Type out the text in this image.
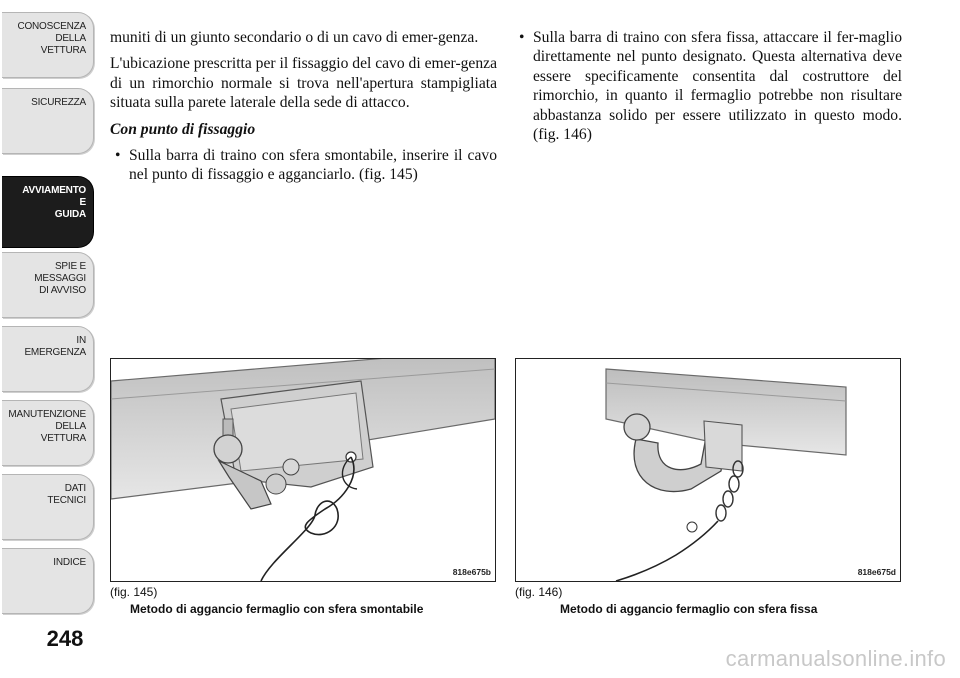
CONOSCENZA
DELLA
VETTURA
SICUREZZA
AVVIAMENTO
E
GUIDA
SPIE E
MESSAGGI
DI AVVISO
IN
EMERGENZA
MANUTENZIONE
DELLA
VETTURA
DATI
TECNICI
INDICE
248

muniti di un giunto secondario o di un cavo di emer-genza.

L'ubicazione prescritta per il fissaggio del cavo di emer-genza di un rimorchio normale si trova nell'apertura stampigliata situata sulla parete laterale della sede di attacco.

Con punto di fissaggio

• Sulla barra di traino con sfera smontabile, inserire il cavo nel punto di fissaggio e agganciarlo. (fig. 145)

• Sulla barra di traino con sfera fissa, attaccare il fer-maglio direttamente nel punto designato. Questa alternativa deve essere specificamente consentita dal costruttore del rimorchio, in quanto il fermaglio potrebbe non risultare abbastanza solido per essere utilizzato in questo modo. (fig. 146)

818e675b
(fig. 145)
Metodo di aggancio fermaglio con sfera smontabile
818e675d
(fig. 146)
Metodo di aggancio fermaglio con sfera fissa
carmanualsonline.info
